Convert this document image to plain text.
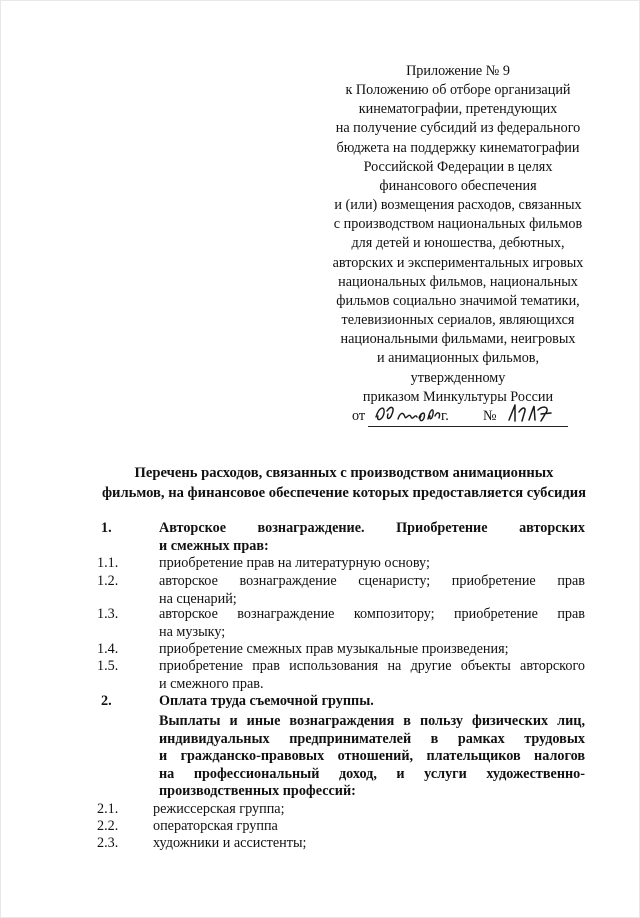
Приложение № 9
к Положению об отборе организаций
кинематографии, претендующих
на получение субсидий из федерального
бюджета на поддержку кинематографии
Российской Федерации в целях
финансового обеспечения
и (или) возмещения расходов, связанных
с производством национальных фильмов
для детей и юношества, дебютных,
авторских и экспериментальных игровых
национальных фильмов, национальных
фильмов социально значимой тематики,
телевизионных сериалов, являющихся
национальными фильмами, неигровых
и анимационных фильмов,
утвержденному
приказом Минкультуры России
от	г. №
Перечень расходов, связанных с производством анимационных
фильмов, на финансовое обеспечение которых предоставляется субсидия
1.	Авторское вознаграждение. Приобретение авторских
и смежных прав:
1.1.	приобретение прав на литературную основу;
1.2.	авторское вознаграждение сценаристу; приобретение прав
на сценарий;
1.3.	авторское вознаграждение композитору; приобретение прав
на музыку;
1.4.	приобретение смежных прав музыкальные произведения;
1.5.	приобретение прав использования на другие объекты авторского
и смежного прав.
2.	Оплата труда съемочной группы.
Выплаты и иные вознаграждения в пользу физических лиц,
индивидуальных предпринимателей в рамках трудовых
и гражданско-правовых отношений, плательщиков налогов
на профессиональный доход, и услуги художественно-
производственных профессий:
2.1. режиссерская группа;
2.2. операторская группа
2.3. художники и ассистенты;
